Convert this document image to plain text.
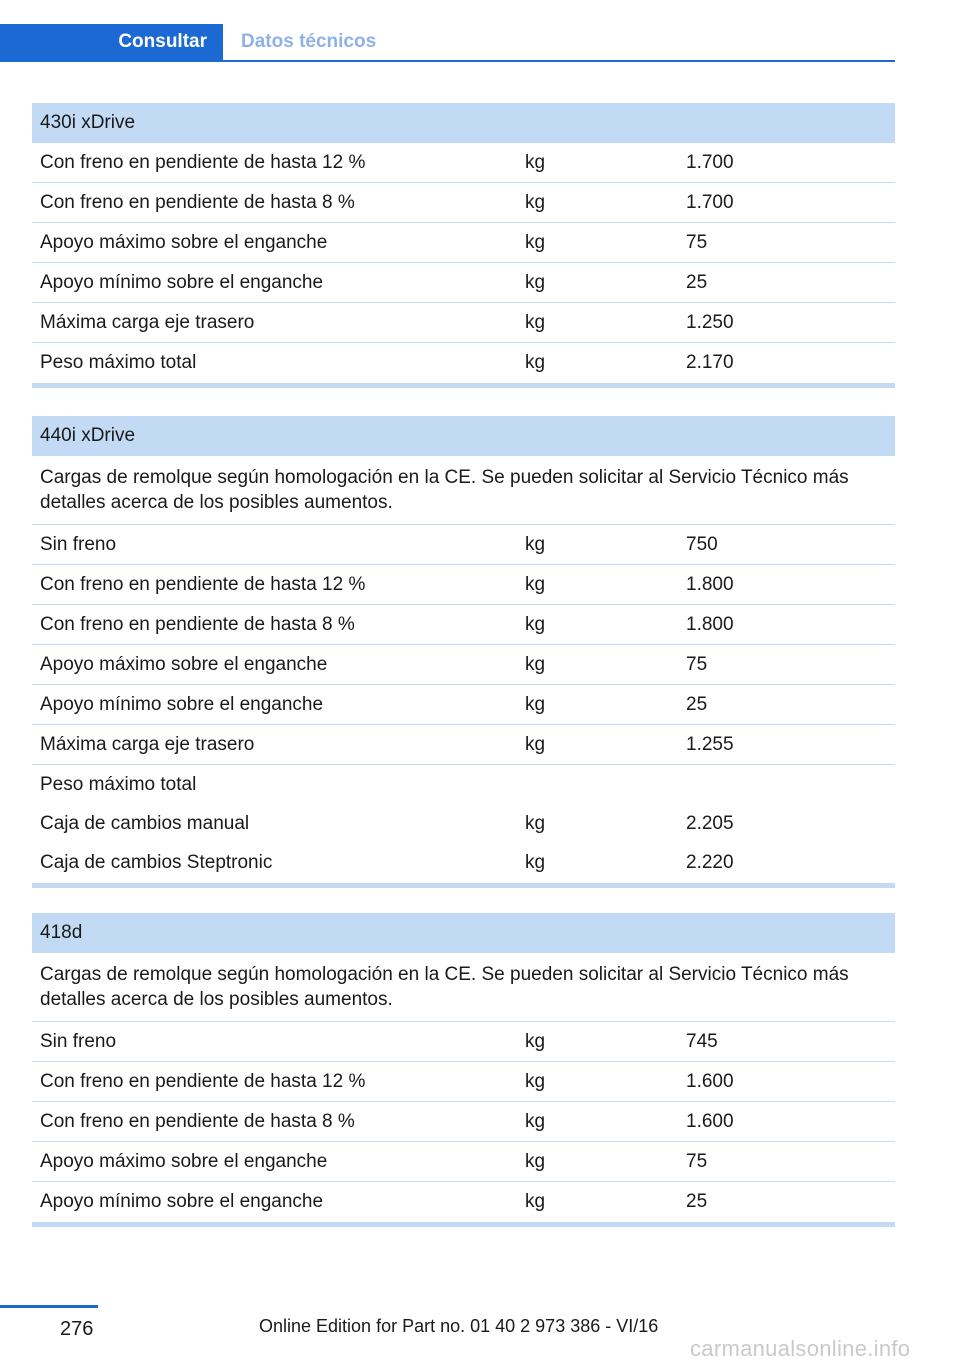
Consultar	Datos técnicos
430i xDrive
Con freno en pendiente de hasta 12 %	kg	1.700
Con freno en pendiente de hasta 8 %	kg	1.700
Apoyo máximo sobre el enganche	kg	75
Apoyo mínimo sobre el enganche	kg	25
Máxima carga eje trasero	kg	1.250
Peso máximo total	kg	2.170
440i xDrive
Cargas de remolque según homologación en la CE. Se pueden solicitar al Servicio Técnico más detalles acerca de los posibles aumentos.
Sin freno	kg	750
Con freno en pendiente de hasta 12 %	kg	1.800
Con freno en pendiente de hasta 8 %	kg	1.800
Apoyo máximo sobre el enganche	kg	75
Apoyo mínimo sobre el enganche	kg	25
Máxima carga eje trasero	kg	1.255
Peso máximo total
Caja de cambios manual	kg	2.205
Caja de cambios Steptronic	kg	2.220
418d
Cargas de remolque según homologación en la CE. Se pueden solicitar al Servicio Técnico más detalles acerca de los posibles aumentos.
Sin freno	kg	745
Con freno en pendiente de hasta 12 %	kg	1.600
Con freno en pendiente de hasta 8 %	kg	1.600
Apoyo máximo sobre el enganche	kg	75
Apoyo mínimo sobre el enganche	kg	25
276	Online Edition for Part no. 01 40 2 973 386 - VI/16
carmanualsonline.info
